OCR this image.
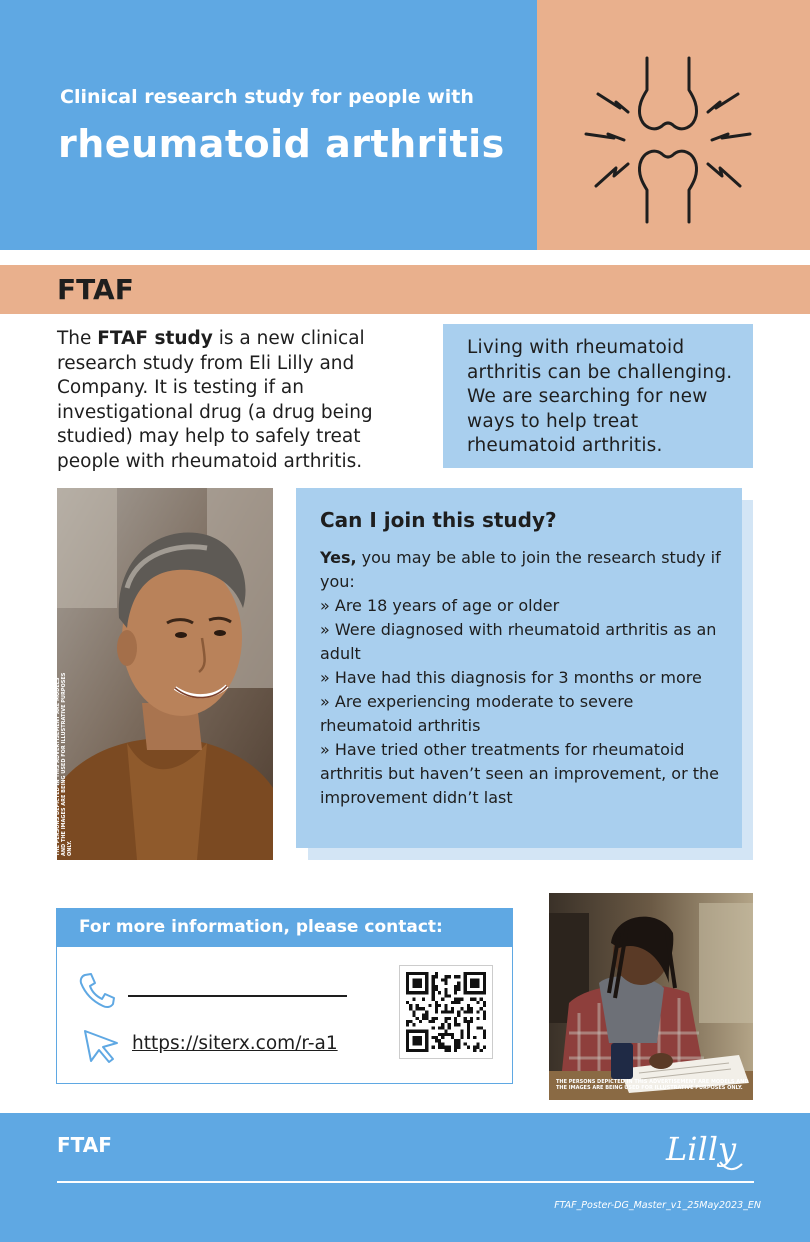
Clinical research study for people with
rheumatoid arthritis
FTAF
The FTAF study is a new clinical research study from Eli Lilly and Company. It is testing if an investigational drug (a drug being studied) may help to safely treat people with rheumatoid arthritis.
Living with rheumatoid arthritis can be challenging. We are searching for new ways to help treat rheumatoid arthritis.
THE PERSONS DEPICTED IN THIS ADVERTISEMENT ARE MODELS AND THE IMAGES ARE BEING USED FOR ILLUSTRATIVE PURPOSES ONLY.
Can I join this study?
Yes, you may be able to join the research study if you:
» Are 18 years of age or older
» Were diagnosed with rheumatoid arthritis as an adult
» Have had this diagnosis for 3 months or more
» Are experiencing moderate to severe rheumatoid arthritis
» Have tried other treatments for rheumatoid arthritis but haven’t seen an improvement, or the improvement didn’t last
For more information, please contact:
https://siterx.com/r-a1
THE PERSONS DEPICTED IN THIS ADVERTISEMENT ARE MODELS AND THE IMAGES ARE BEING USED FOR ILLUSTRATIVE PURPOSES ONLY.
FTAF	Lilly
FTAF_Poster-DG_Master_v1_25May2023_EN
